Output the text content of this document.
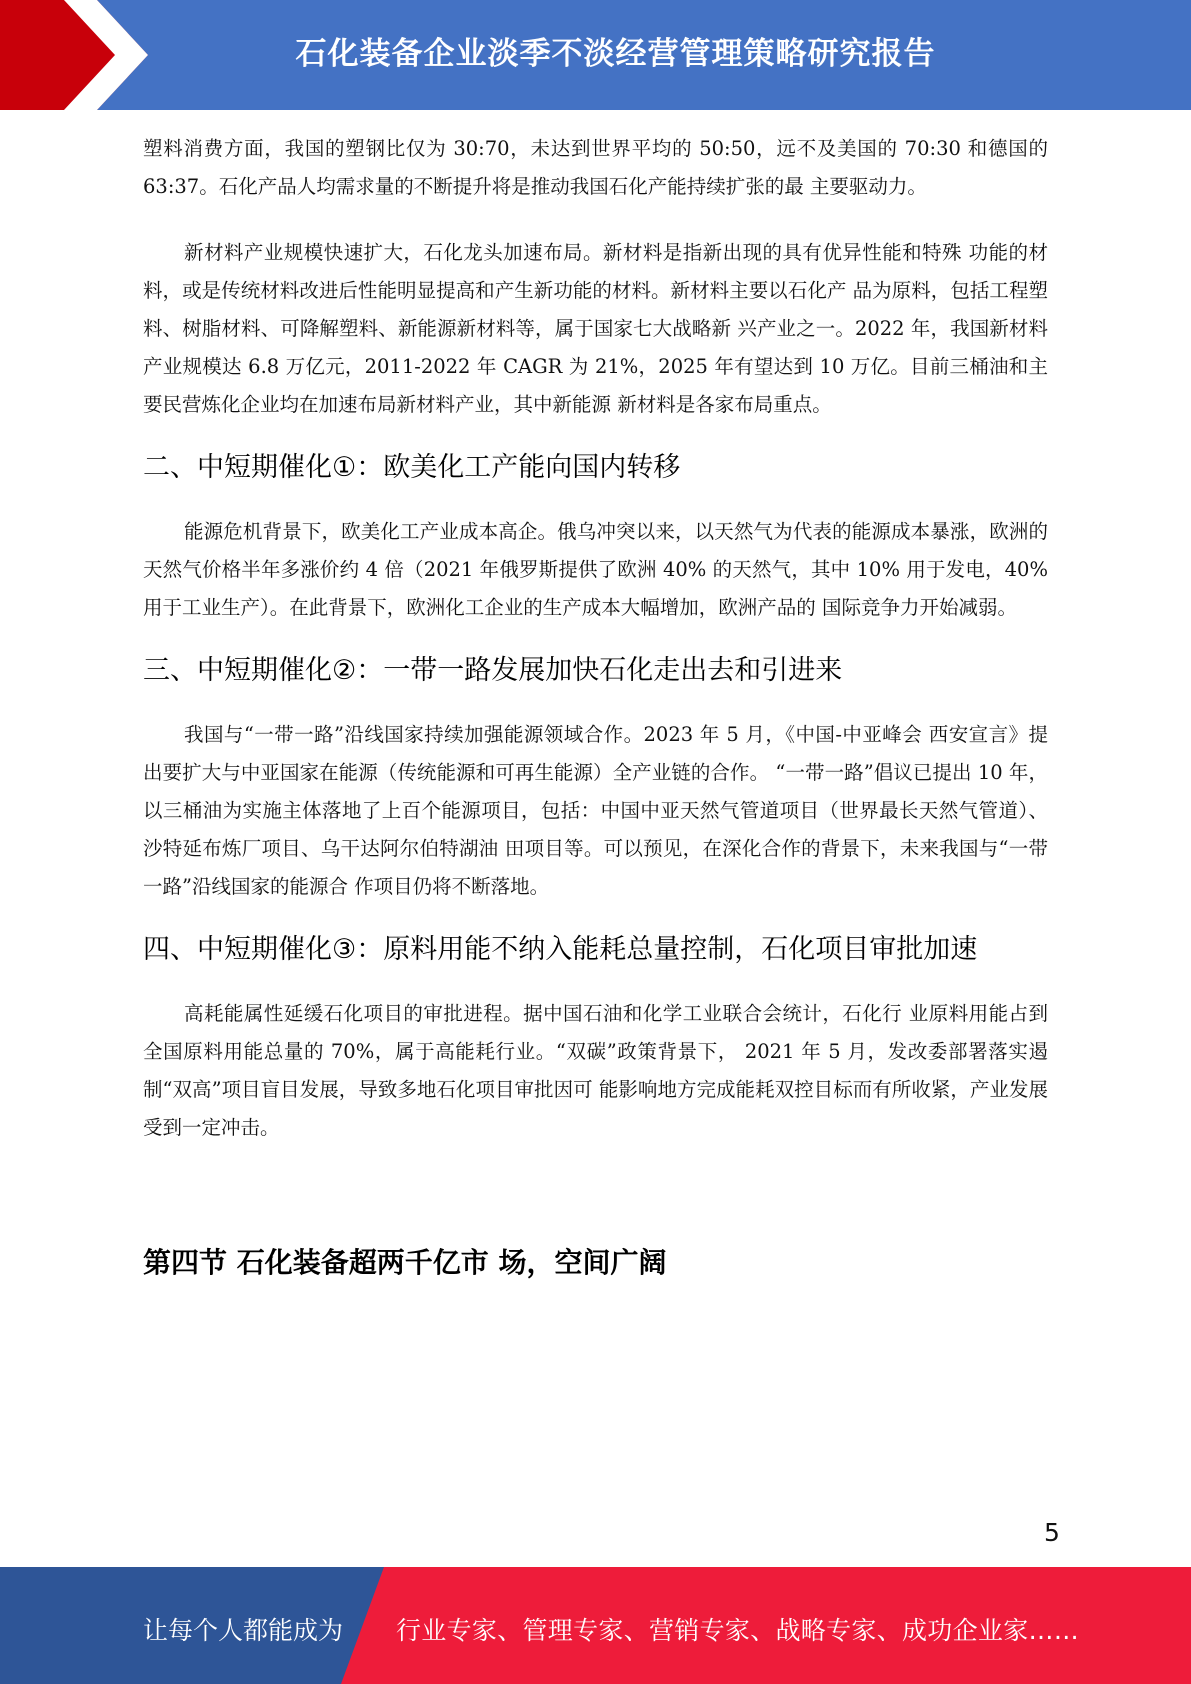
石化装备企业淡季不淡经营管理策略研究报告

塑料消费方面，我国的塑钢比仅为 30:70，未达到世界平均的 50:50，远不及美国的 70:30 和德国的 63:37。石化产品人均需求量的不断提升将是推动我国石化产能持续扩张的最 主要驱动力。

新材料产业规模快速扩大，石化龙头加速布局。新材料是指新出现的具有优异性能和特殊 功能的材料，或是传统材料改进后性能明显提高和产生新功能的材料。新材料主要以石化产 品为原料，包括工程塑料、树脂材料、可降解塑料、新能源新材料等，属于国家七大战略新 兴产业之一。2022 年，我国新材料产业规模达 6.8 万亿元，2011-2022 年 CAGR 为 21%，2025 年有望达到 10 万亿。目前三桶油和主要民营炼化企业均在加速布局新材料产业，其中新能源 新材料是各家布局重点。

二、中短期催化①：欧美化工产能向国内转移

能源危机背景下，欧美化工产业成本高企。俄乌冲突以来，以天然气为代表的能源成本暴涨，欧洲的天然气价格半年多涨价约 4 倍（2021 年俄罗斯提供了欧洲 40% 的天然气，其中 10% 用于发电，40% 用于工业生产）。在此背景下，欧洲化工企业的生产成本大幅增加，欧洲产品的 国际竞争力开始减弱。

三、中短期催化②：一带一路发展加快石化走出去和引进来

我国与“一带一路”沿线国家持续加强能源领域合作。2023 年 5 月，《中国-中亚峰会 西安宣言》提出要扩大与中亚国家在能源（传统能源和可再生能源）全产业链的合作。 “一带一路”倡议已提出 10 年，以三桶油为实施主体落地了上百个能源项目，包括：中国中亚天然气管道项目（世界最长天然气管道）、沙特延布炼厂项目、乌干达阿尔伯特湖油 田项目等。可以预见，在深化合作的背景下，未来我国与“一带一路”沿线国家的能源合 作项目仍将不断落地。

四、中短期催化③：原料用能不纳入能耗总量控制，石化项目审批加速

高耗能属性延缓石化项目的审批进程。据中国石油和化学工业联合会统计，石化行 业原料用能占到全国原料用能总量的 70%，属于高能耗行业。“双碳”政策背景下， 2021 年 5 月，发改委部署落实遏制“双高”项目盲目发展，导致多地石化项目审批因可 能影响地方完成能耗双控目标而有所收紧，产业发展受到一定冲击。

第四节 石化装备超两千亿市 场，空间广阔
5
让每个人都能成为 行业专家、管理专家、营销专家、战略专家、成功企业家……
